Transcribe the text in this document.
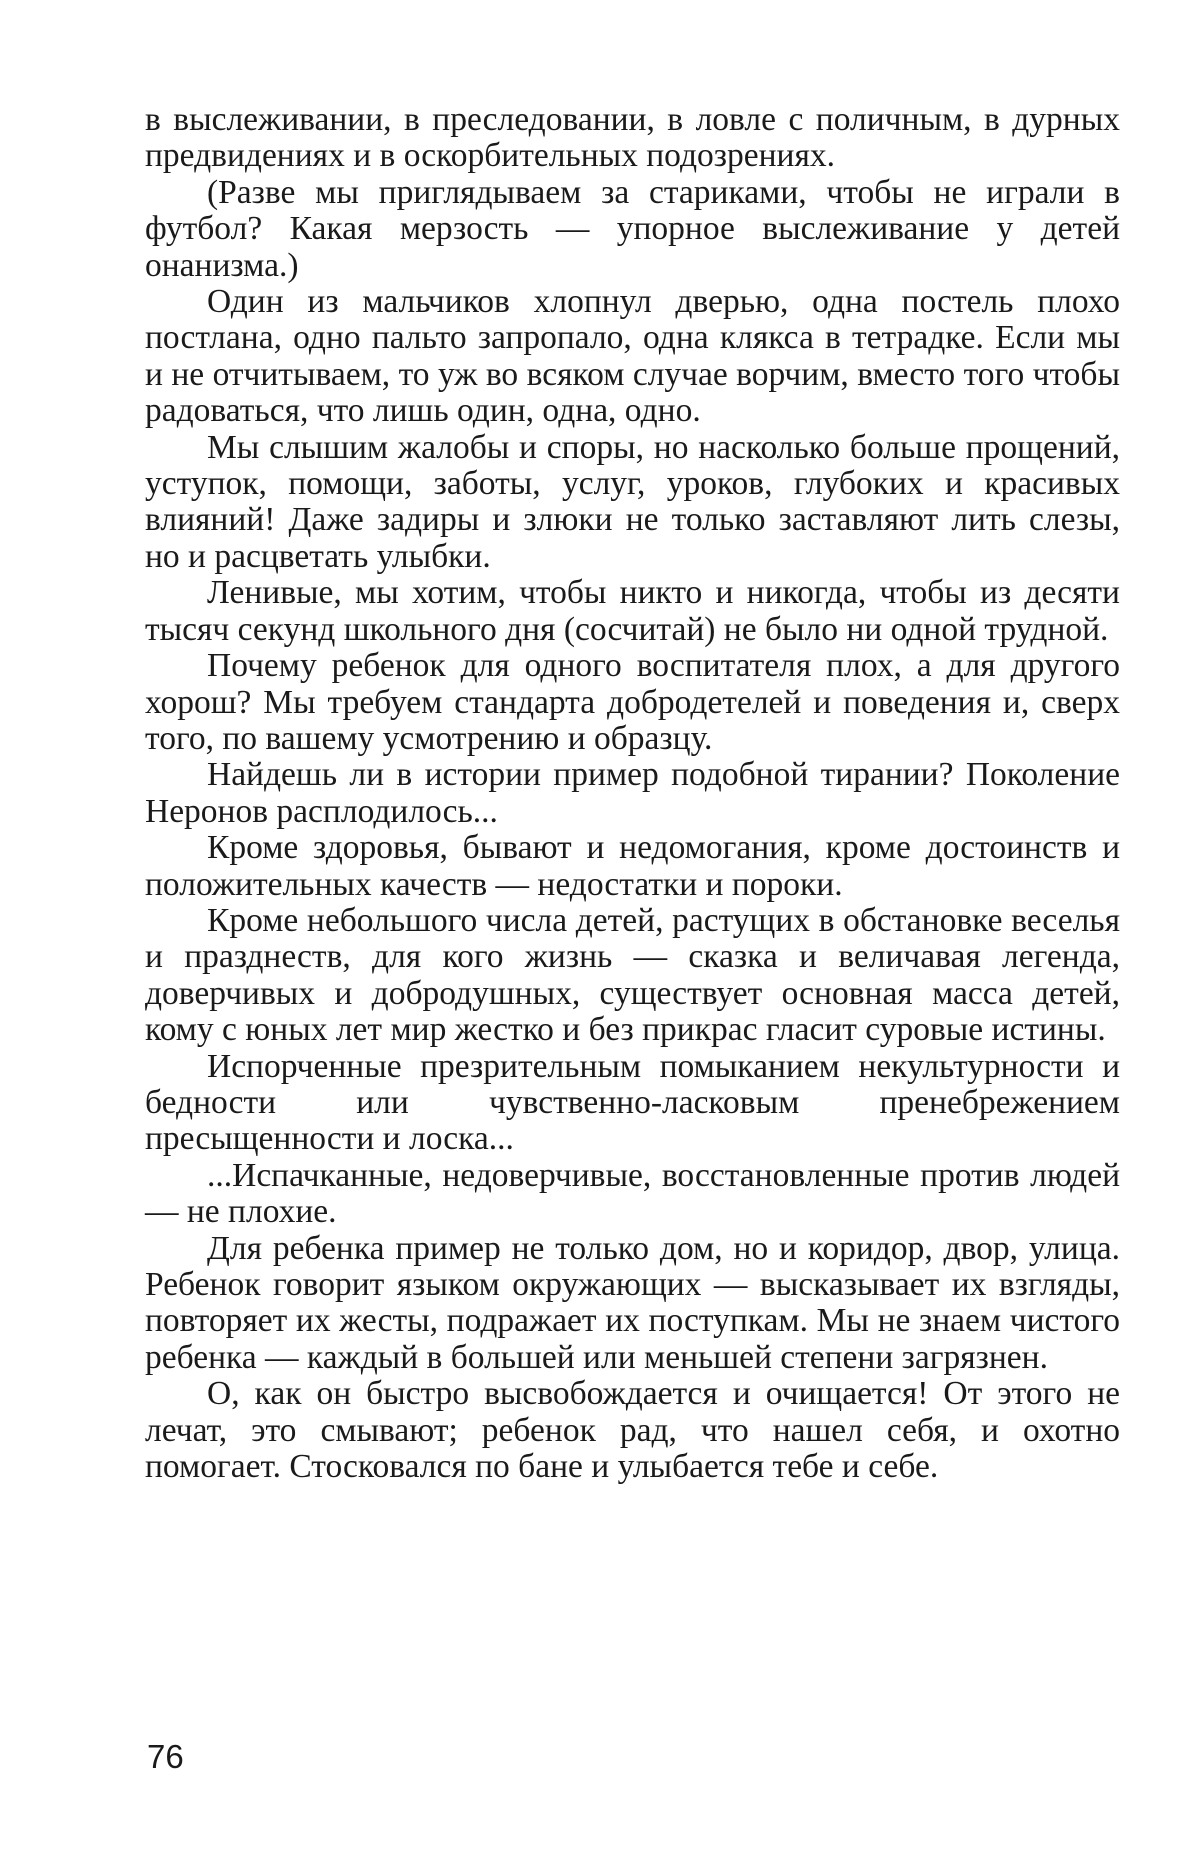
в выслеживании, в преследовании, в ловле с поличным, в дурных предвидениях и в оскорбительных подозрениях.

(Разве мы приглядываем за стариками, чтобы не играли в футбол? Какая мерзость — упорное выслеживание у детей онанизма.)

Один из мальчиков хлопнул дверью, одна постель плохо постлана, одно пальто запропало, одна клякса в тетрадке. Если мы и не отчитываем, то уж во всяком случае ворчим, вместо того чтобы радоваться, что лишь один, одна, одно.

Мы слышим жалобы и споры, но насколько больше прощений, уступок, помощи, заботы, услуг, уроков, глубоких и красивых влияний! Даже задиры и злюки не только заставляют лить слезы, но и расцветать улыбки.

Ленивые, мы хотим, чтобы никто и никогда, чтобы из десяти тысяч секунд школьного дня (сосчитай) не было ни одной трудной.

Почему ребенок для одного воспитателя плох, а для другого хорош? Мы требуем стандарта добродетелей и поведения и, сверх того, по вашему усмотрению и образцу.

Найдешь ли в истории пример подобной тирании? Поколение Неронов расплодилось...

Кроме здоровья, бывают и недомогания, кроме достоинств и положительных качеств — недостатки и пороки.

Кроме небольшого числа детей, растущих в обстановке веселья и празднеств, для кого жизнь — сказка и величавая легенда, доверчивых и добродушных, существует основная масса детей, кому с юных лет мир жестко и без прикрас гласит суровые истины.

Испорченные презрительным помыканием некультурности и бедности или чувственно-ласковым пренебрежением пресыщенности и лоска...

...Испачканные, недоверчивые, восстановленные против людей — не плохие.

Для ребенка пример не только дом, но и коридор, двор, улица. Ребенок говорит языком окружающих — высказывает их взгляды, повторяет их жесты, подражает их поступкам. Мы не знаем чистого ребенка — каждый в большей или меньшей степени загрязнен.

О, как он быстро высвобождается и очищается! От этого не лечат, это смывают; ребенок рад, что нашел себя, и охотно помогает. Стосковался по бане и улыбается тебе и себе.

76
